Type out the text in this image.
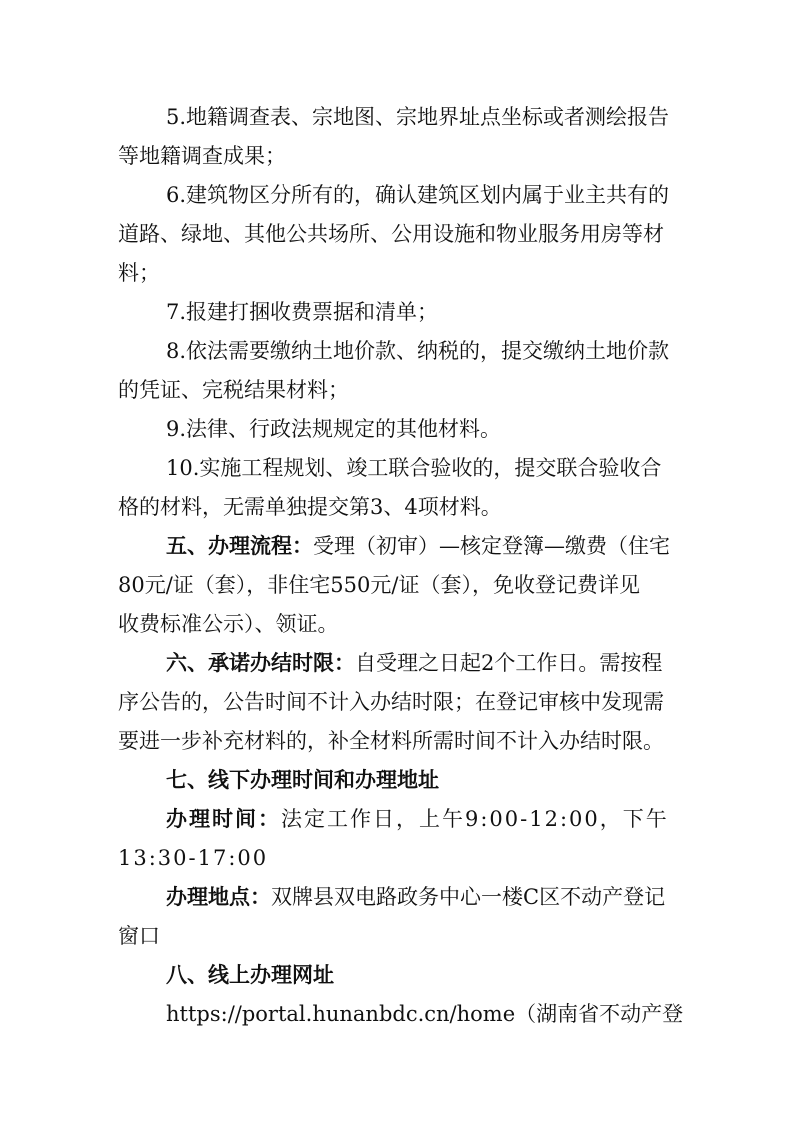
5.地籍调查表、宗地图、宗地界址点坐标或者测绘报告
等地籍调查成果；
6.建筑物区分所有的，确认建筑区划内属于业主共有的
道路、绿地、其他公共场所、公用设施和物业服务用房等材
料；
7.报建打捆收费票据和清单；
8.依法需要缴纳土地价款、纳税的，提交缴纳土地价款
的凭证、完税结果材料；
9.法律、行政法规规定的其他材料。
10.实施工程规划、竣工联合验收的，提交联合验收合
格的材料，无需单独提交第3、4项材料。
五、办理流程：受理（初审）—核定登簿—缴费（住宅
80元/证（套），非住宅550元/证（套），免收登记费详见
收费标准公示）、领证。
六、承诺办结时限：自受理之日起2个工作日。需按程
序公告的，公告时间不计入办结时限；在登记审核中发现需
要进一步补充材料的，补全材料所需时间不计入办结时限。
七、线下办理时间和办理地址
办理时间：法定工作日，上午9:00-12:00，下午
13:30-17:00
办理地点：双牌县双电路政务中心一楼C区不动产登记
窗口
八、线上办理网址
https://portal.hunanbdc.cn/home（湖南省不动产登
